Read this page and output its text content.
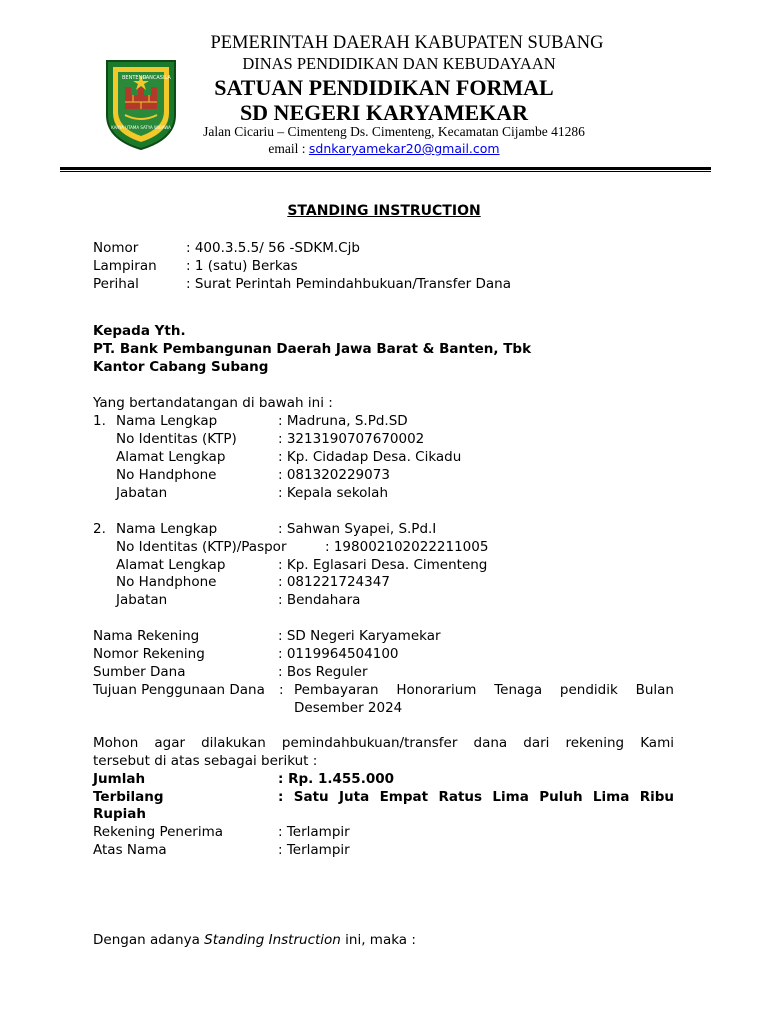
BENTENG
PANCASILA
KARYA UTAMA SATYA WIBAWA
PEMERINTAH DAERAH KABUPATEN SUBANG
DINAS PENDIDIKAN DAN KEBUDAYAAN
SATUAN PENDIDIKAN FORMAL
SD NEGERI KARYAMEKAR
Jalan Cicariu – Cimenteng Ds. Cimenteng, Kecamatan Cijambe 41286
email : sdnkaryamekar20@gmail.com
STANDING INSTRUCTION
Nomor	: 400.3.5.5/ 56 -SDKM.Cjb
Lampiran : 1 (satu) Berkas
Perihal	: Surat Perintah Pemindahbukuan/Transfer Dana
Kepada Yth.
PT. Bank Pembangunan Daerah Jawa Barat & Banten, Tbk
Kantor Cabang Subang
Yang bertandatangan di bawah ini :
1. Nama Lengkap	: Madruna, S.Pd.SD
No Identitas (KTP)	: 3213190707670002
Alamat Lengkap	: Kp. Cidadap Desa. Cikadu
No Handphone	: 081320229073
Jabatan	: Kepala sekolah
2. Nama Lengkap	: Sahwan Syapei, S.Pd.I
No Identitas (KTP)/Paspor	: 198002102022211005
Alamat Lengkap	: Kp. Eglasari Desa. Cimenteng
No Handphone	: 081221724347
Jabatan	: Bendahara
Nama Rekening	: SD Negeri Karyamekar
Nomor Rekening	: 0119964504100
Sumber Dana	: Bos Reguler
Tujuan Penggunaan Dana : Pembayaran Honorarium Tenaga pendidik Bulan
Desember 2024
Mohon agar dilakukan pemindahbukuan/transfer dana dari rekening Kami
tersebut di atas sebagai berikut :
Jumlah	: Rp. 1.455.000
Terbilang	: Satu Juta Empat Ratus Lima Puluh Lima Ribu
Rupiah
Rekening Penerima	: Terlampir
Atas Nama	: Terlampir
Dengan adanya Standing Instruction ini, maka :
